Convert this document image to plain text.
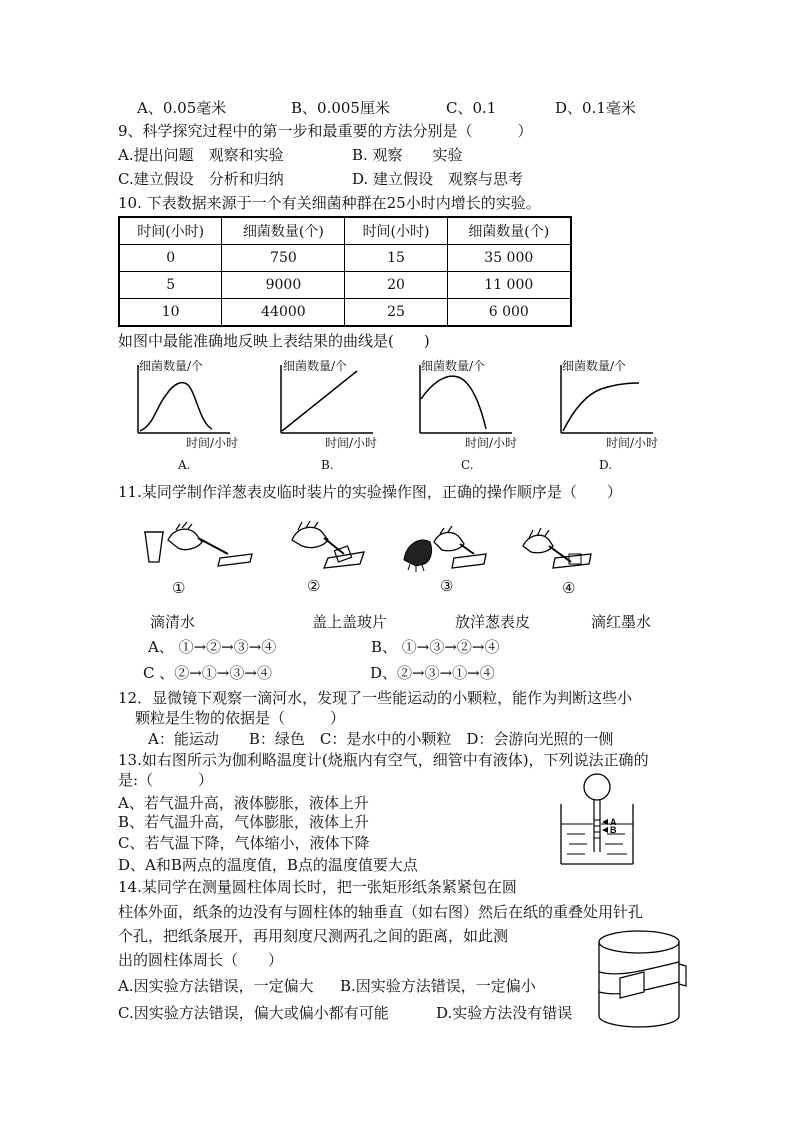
A、0.05毫米	B、0.005厘米	C、0.1	D、0.1毫米
9、科学探究过程中的第一步和最重要的方法分别是（　　　）
A.提出问题　观察和实验	B. 观察　　实验
C.建立假设　分析和归纳	D. 建立假设　观察与思考
10. 下表数据来源于一个有关细菌种群在25小时内增长的实验。
时间(小时)	细菌数量(个)	时间(小时)	细菌数量(个)
0	750	15	35 000
5	9000	20	11 000
10	44000	25	6 000
如图中最能准确地反映上表结果的曲线是(　　)
细菌数量/个
时间/小时
A.
细菌数量/个
时间/小时
B.
细菌数量/个
时间/小时
C.
细菌数量/个
时间/小时
D.
11.某同学制作洋葱表皮临时装片的实验操作图，正确的操作顺序是（　　）
①	②	③	④
滴清水	盖上盖玻片	放洋葱表皮	滴红墨水
A、 ①→②→③→④	B、 ①→③→②→④
C 、②→①→③→④	D、②→③→①→④
12．显微镜下观察一滴河水，发现了一些能运动的小颗粒，能作为判断这些小
颗粒是生物的依据是（　　　）
A：能运动　　B：绿色　C：是水中的小颗粒　D：会游向光照的一侧
13.如右图所示为伽利略温度计(烧瓶内有空气，细管中有液体)，下列说法正确的
是:（　　　）
A、若气温升高，液体膨胀，液体上升
B、若气温升高，气体膨胀，液体上升
C、若气温下降，气体缩小，液体下降
D、A和B两点的温度值，B点的温度值要大点
A
B
14.某同学在测量圆柱体周长时，把一张矩形纸条紧紧包在圆
柱体外面，纸条的边没有与圆柱体的轴垂直（如右图）然后在纸的重叠处用针孔
个孔，把纸条展开，再用刻度尺测两孔之间的距离，如此测
出的圆柱体周长（　　）
A.因实验方法错误，一定偏大 B.因实验方法错误，一定偏小
C.因实验方法错误，偏大或偏小都有可能	D.实验方法没有错误
